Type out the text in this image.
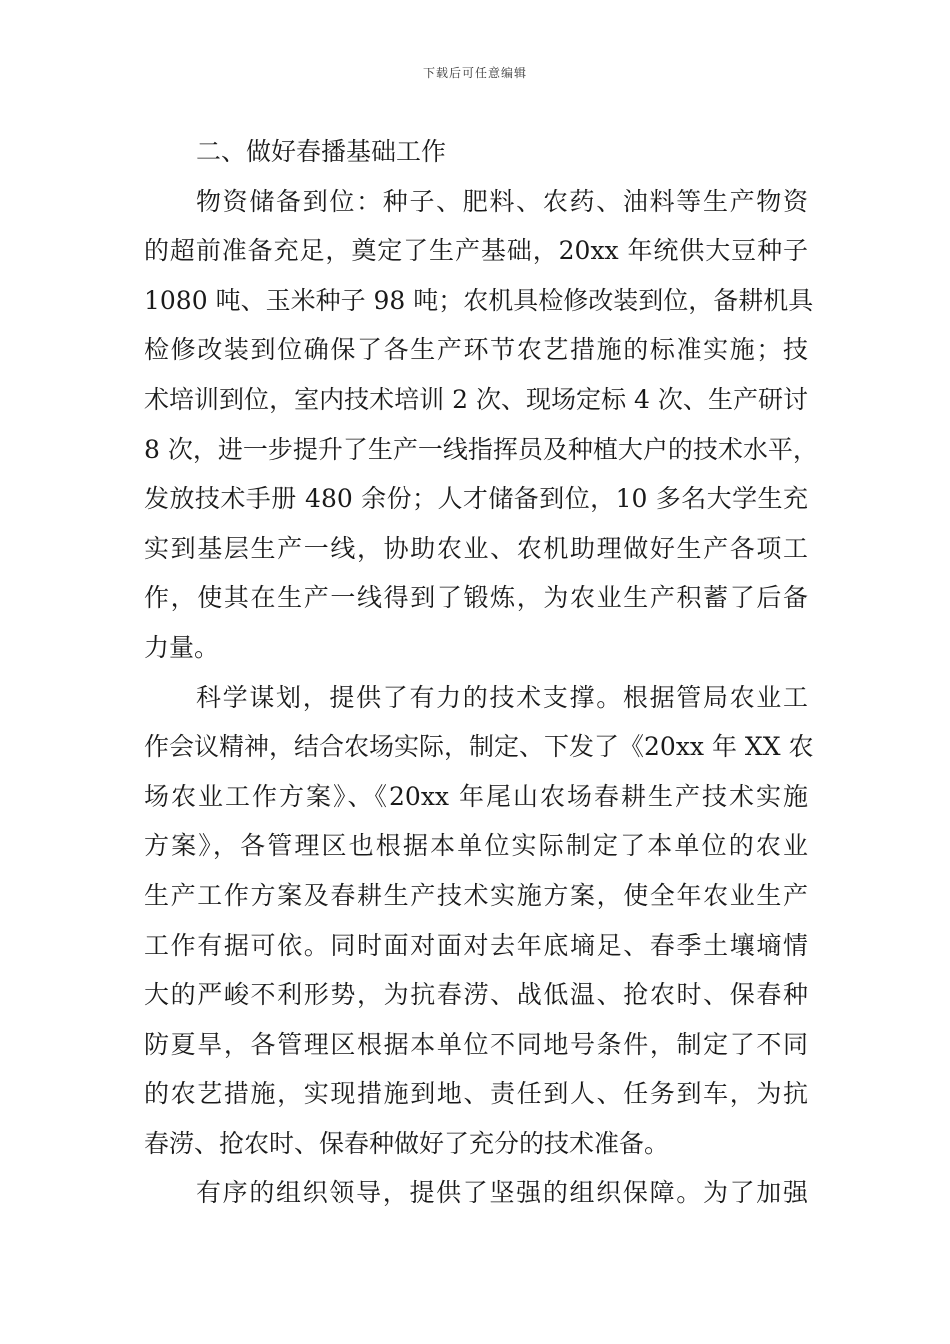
下载后可任意编辑
二、做好春播基础工作
物资储备到位：种子、肥料、农药、油料等生产物资
的超前准备充足，奠定了生产基础，20xx 年统供大豆种子
1080 吨、玉米种子 98 吨；农机具检修改装到位，备耕机具
检修改装到位确保了各生产环节农艺措施的标准实施；技
术培训到位，室内技术培训 2 次、现场定标 4 次、生产研讨
8 次，进一步提升了生产一线指挥员及种植大户的技术水平，
发放技术手册 480 余份；人才储备到位，10 多名大学生充
实到基层生产一线，协助农业、农机助理做好生产各项工
作，使其在生产一线得到了锻炼，为农业生产积蓄了后备
力量。
科学谋划，提供了有力的技术支撑。根据管局农业工
作会议精神，结合农场实际，制定、下发了《20xx 年 XX 农
场农业工作方案》、《20xx 年尾山农场春耕生产技术实施
方案》，各管理区也根据本单位实际制定了本单位的农业
生产工作方案及春耕生产技术实施方案，使全年农业生产
工作有据可依。同时面对面对去年底墒足、春季土壤墒情
大的严峻不利形势，为抗春涝、战低温、抢农时、保春种
防夏旱，各管理区根据本单位不同地号条件，制定了不同
的农艺措施，实现措施到地、责任到人、任务到车，为抗
春涝、抢农时、保春种做好了充分的技术准备。
有序的组织领导，提供了坚强的组织保障。为了加强
